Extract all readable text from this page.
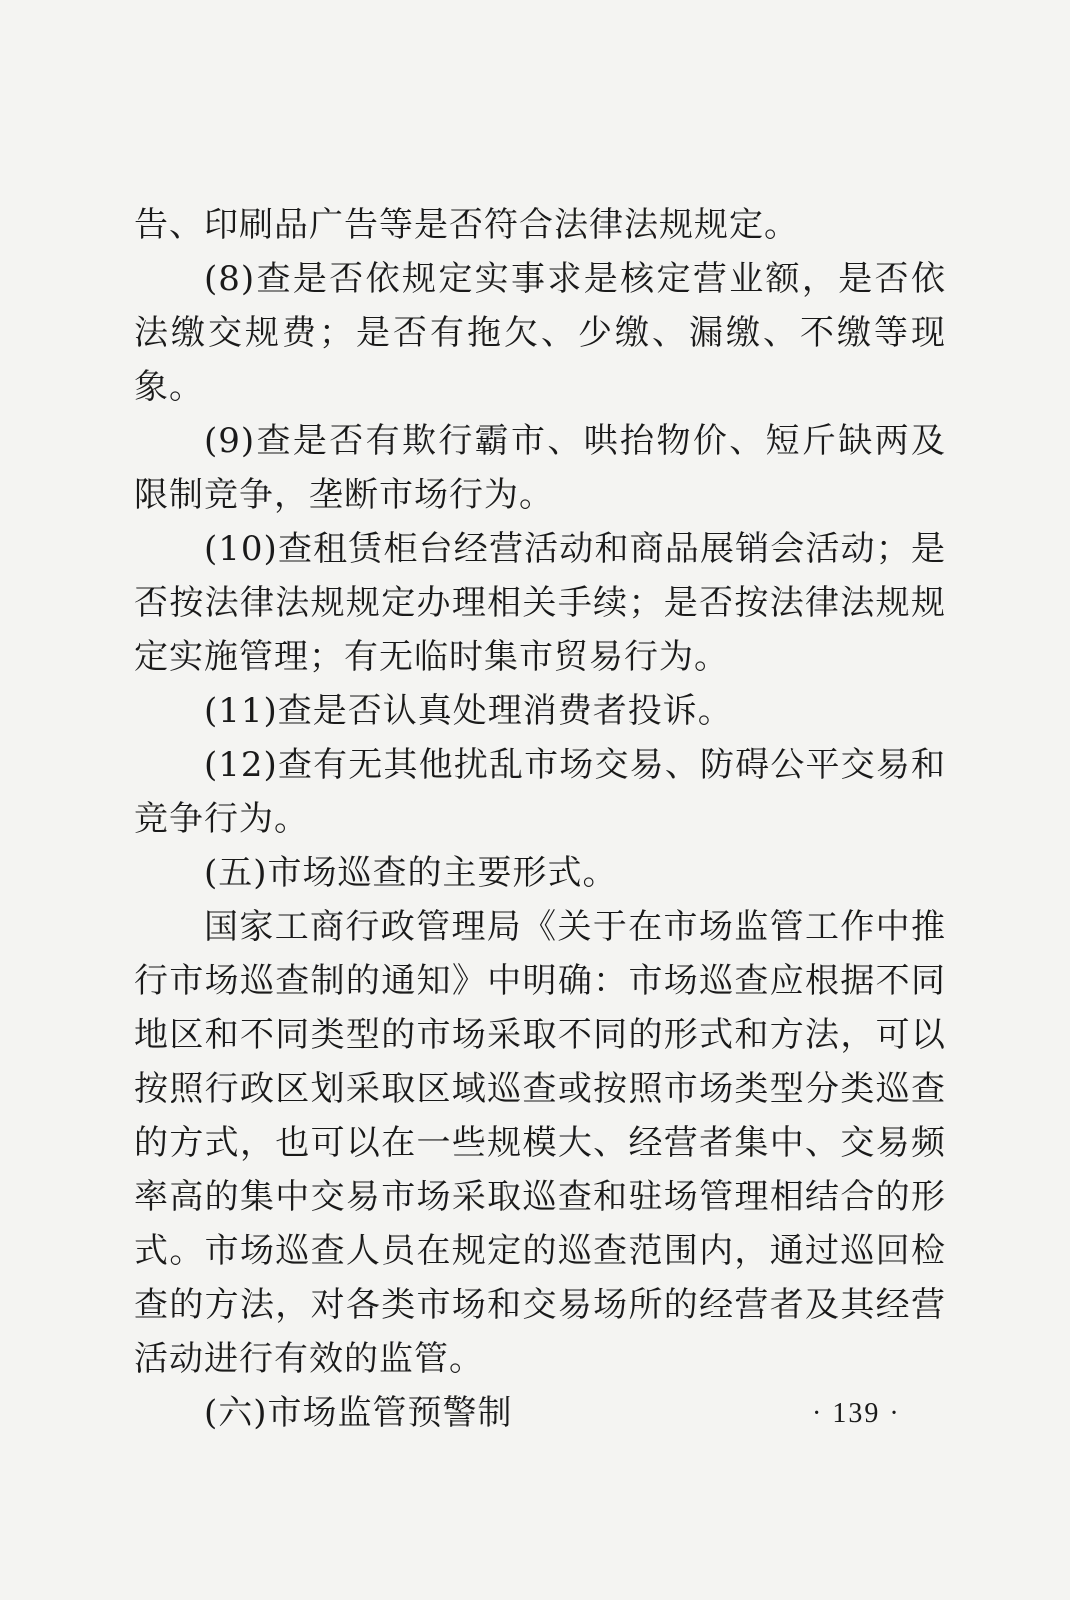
告、印刷品广告等是否符合法律法规规定。

(8)查是否依规定实事求是核定营业额，是否依法缴交规费；是否有拖欠、少缴、漏缴、不缴等现象。

(9)查是否有欺行霸市、哄抬物价、短斤缺两及限制竞争，垄断市场行为。

(10)查租赁柜台经营活动和商品展销会活动；是否按法律法规规定办理相关手续；是否按法律法规规定实施管理；有无临时集市贸易行为。

(11)查是否认真处理消费者投诉。

(12)查有无其他扰乱市场交易、防碍公平交易和竞争行为。

(五)市场巡查的主要形式。

国家工商行政管理局《关于在市场监管工作中推行市场巡查制的通知》中明确：市场巡查应根据不同地区和不同类型的市场采取不同的形式和方法，可以按照行政区划采取区域巡查或按照市场类型分类巡查的方式，也可以在一些规模大、经营者集中、交易频率高的集中交易市场采取巡查和驻场管理相结合的形式。市场巡查人员在规定的巡查范围内，通过巡回检查的方法，对各类市场和交易场所的经营者及其经营活动进行有效的监管。

(六)市场监管预警制	· 139 ·
